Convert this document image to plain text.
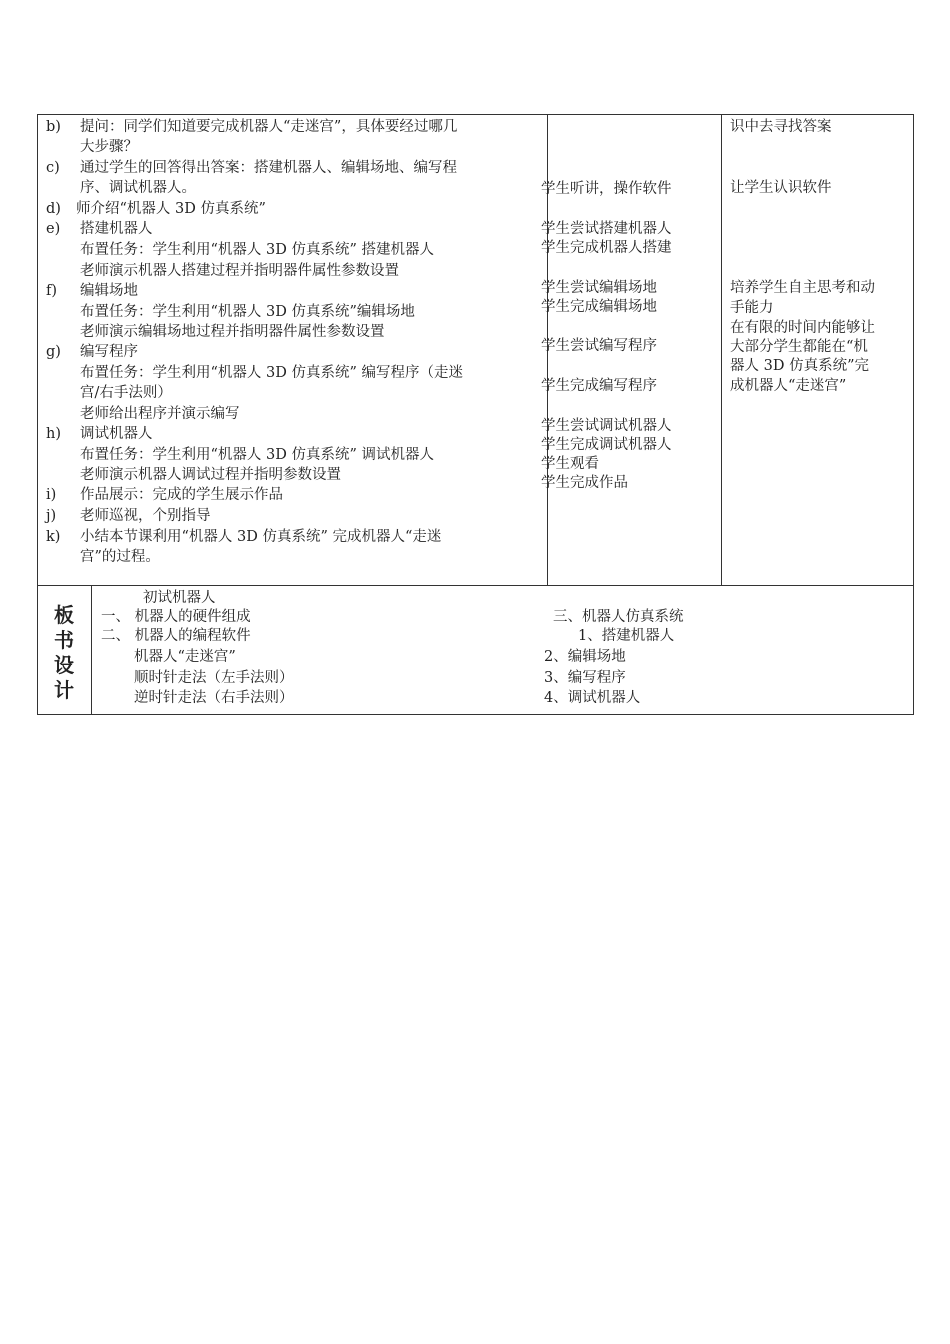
b) 提问：同学们知道要完成机器人“走迷宫”，具体要经过哪几
大步骤？
c) 通过学生的回答得出答案：搭建机器人、编辑场地、编写程
序、调试机器人。
d) 师介绍“机器人 3D 仿真系统”
e) 搭建机器人
布置任务：学生利用“机器人 3D 仿真系统” 搭建机器人
老师演示机器人搭建过程并指明器件属性参数设置
f) 编辑场地
布置任务：学生利用“机器人 3D 仿真系统”编辑场地
老师演示编辑场地过程并指明器件属性参数设置
g) 编写程序
布置任务：学生利用“机器人 3D 仿真系统” 编写程序（走迷
宫/右手法则）
老师给出程序并演示编写
h) 调试机器人
布置任务：学生利用“机器人 3D 仿真系统” 调试机器人
老师演示机器人调试过程并指明参数设置
i) 作品展示：完成的学生展示作品
j) 老师巡视，个别指导
k) 小结本节课利用“机器人 3D 仿真系统” 完成机器人“走迷
宫”的过程。
学生听讲，操作软件
学生尝试搭建机器人
学生完成机器人搭建
学生尝试编辑场地
学生完成编辑场地
学生尝试编写程序
学生完成编写程序
学生尝试调试机器人
学生完成调试机器人
学生观看
学生完成作品
识中去寻找答案
让学生认识软件
培养学生自主思考和动
手能力
在有限的时间内能够让
大部分学生都能在“机
器人 3D 仿真系统”完
成机器人“走迷宫”
板
书
设
计
初试机器人
一、 机器人的硬件组成
二、 机器人的编程软件
机器人“走迷宫”
顺时针走法（左手法则）
逆时针走法（右手法则）
三、机器人仿真系统
1、搭建机器人
2、编辑场地
3、编写程序
4、调试机器人
